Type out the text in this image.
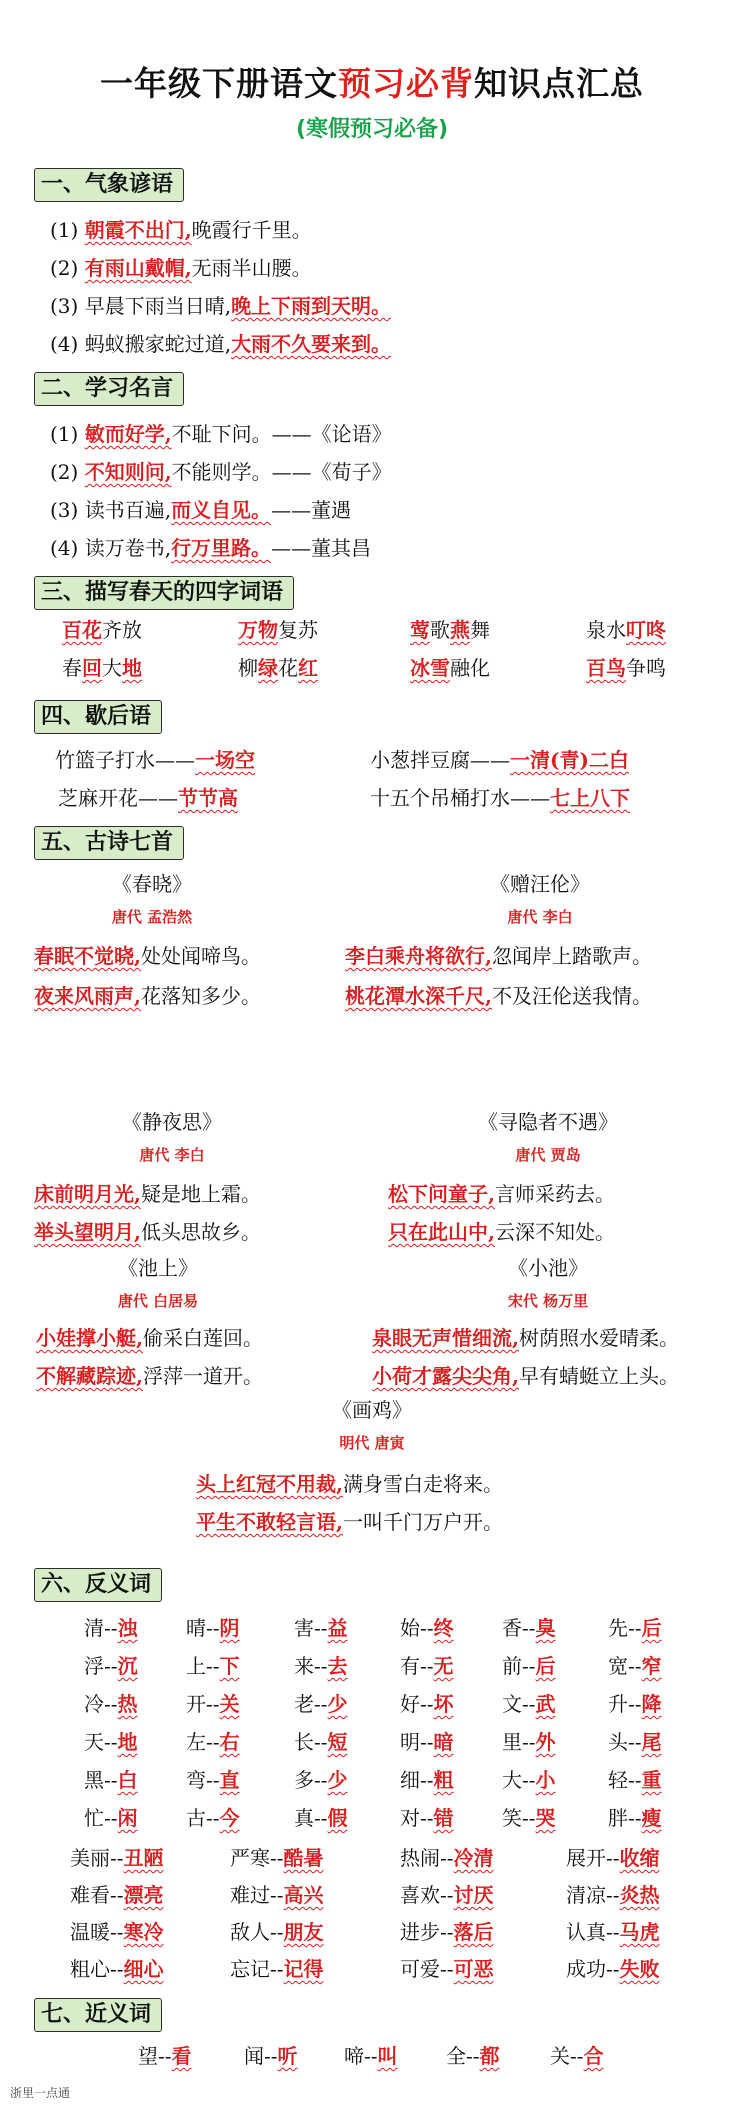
一年级下册语文预习必背知识点汇总
(寒假预习必备)
一、气象谚语
(1) 朝霞不出门,晚霞行千里。
(2) 有雨山戴帽,无雨半山腰。
(3) 早晨下雨当日晴,晚上下雨到天明。
(4) 蚂蚁搬家蛇过道,大雨不久要来到。
二、学习名言
(1) 敏而好学,不耻下问。——《论语》
(2) 不知则问,不能则学。——《荀子》
(3) 读书百遍,而义自见。——董遇
(4) 读万卷书,行万里路。——董其昌
三、描写春天的四字词语
百花齐放	万物复苏	莺歌燕舞	泉水叮咚
春回大地	柳绿花红	冰雪融化	百鸟争鸣
四、歇后语
竹篮子打水——一场空	小葱拌豆腐——一清(青)二白
芝麻开花——节节高	十五个吊桶打水——七上八下
五、古诗七首
《春晓》
唐代 孟浩然
春眠不觉晓,处处闻啼鸟。
夜来风雨声,花落知多少。
《赠汪伦》
唐代 李白
李白乘舟将欲行,忽闻岸上踏歌声。
桃花潭水深千尺,不及汪伦送我情。
《静夜思》
唐代 李白
床前明月光,疑是地上霜。
举头望明月,低头思故乡。
《寻隐者不遇》
唐代 贾岛
松下问童子,言师采药去。
只在此山中,云深不知处。
《池上》
唐代 白居易
小娃撑小艇,偷采白莲回。
不解藏踪迹,浮萍一道开。
《小池》
宋代 杨万里
泉眼无声惜细流,树荫照水爱晴柔。
小荷才露尖尖角,早有蜻蜓立上头。
《画鸡》
明代 唐寅
头上红冠不用裁,满身雪白走将来。
平生不敢轻言语,一叫千门万户开。
六、反义词
清--浊 晴--阴	害--益	始--终 香--臭	先--后
浮--沉 上--下	来--去	有--无 前--后	宽--窄
冷--热 开--关	老--少	好--坏 文--武	升--降
天--地 左--右	长--短	明--暗 里--外	头--尾
黑--白 弯--直	多--少	细--粗 大--小	轻--重
忙--闲 古--今	真--假	对--错 笑--哭	胖--瘦
美丽--丑陋	严寒--酷暑	热闹--冷清	展开--收缩
难看--漂亮	难过--高兴	喜欢--讨厌	清凉--炎热
温暖--寒冷	敌人--朋友	进步--落后	认真--马虎
粗心--细心	忘记--记得	可爱--可恶	成功--失败
七、近义词
望--看	闻--听 啼--叫 全--都	关--合
浙里一点通
